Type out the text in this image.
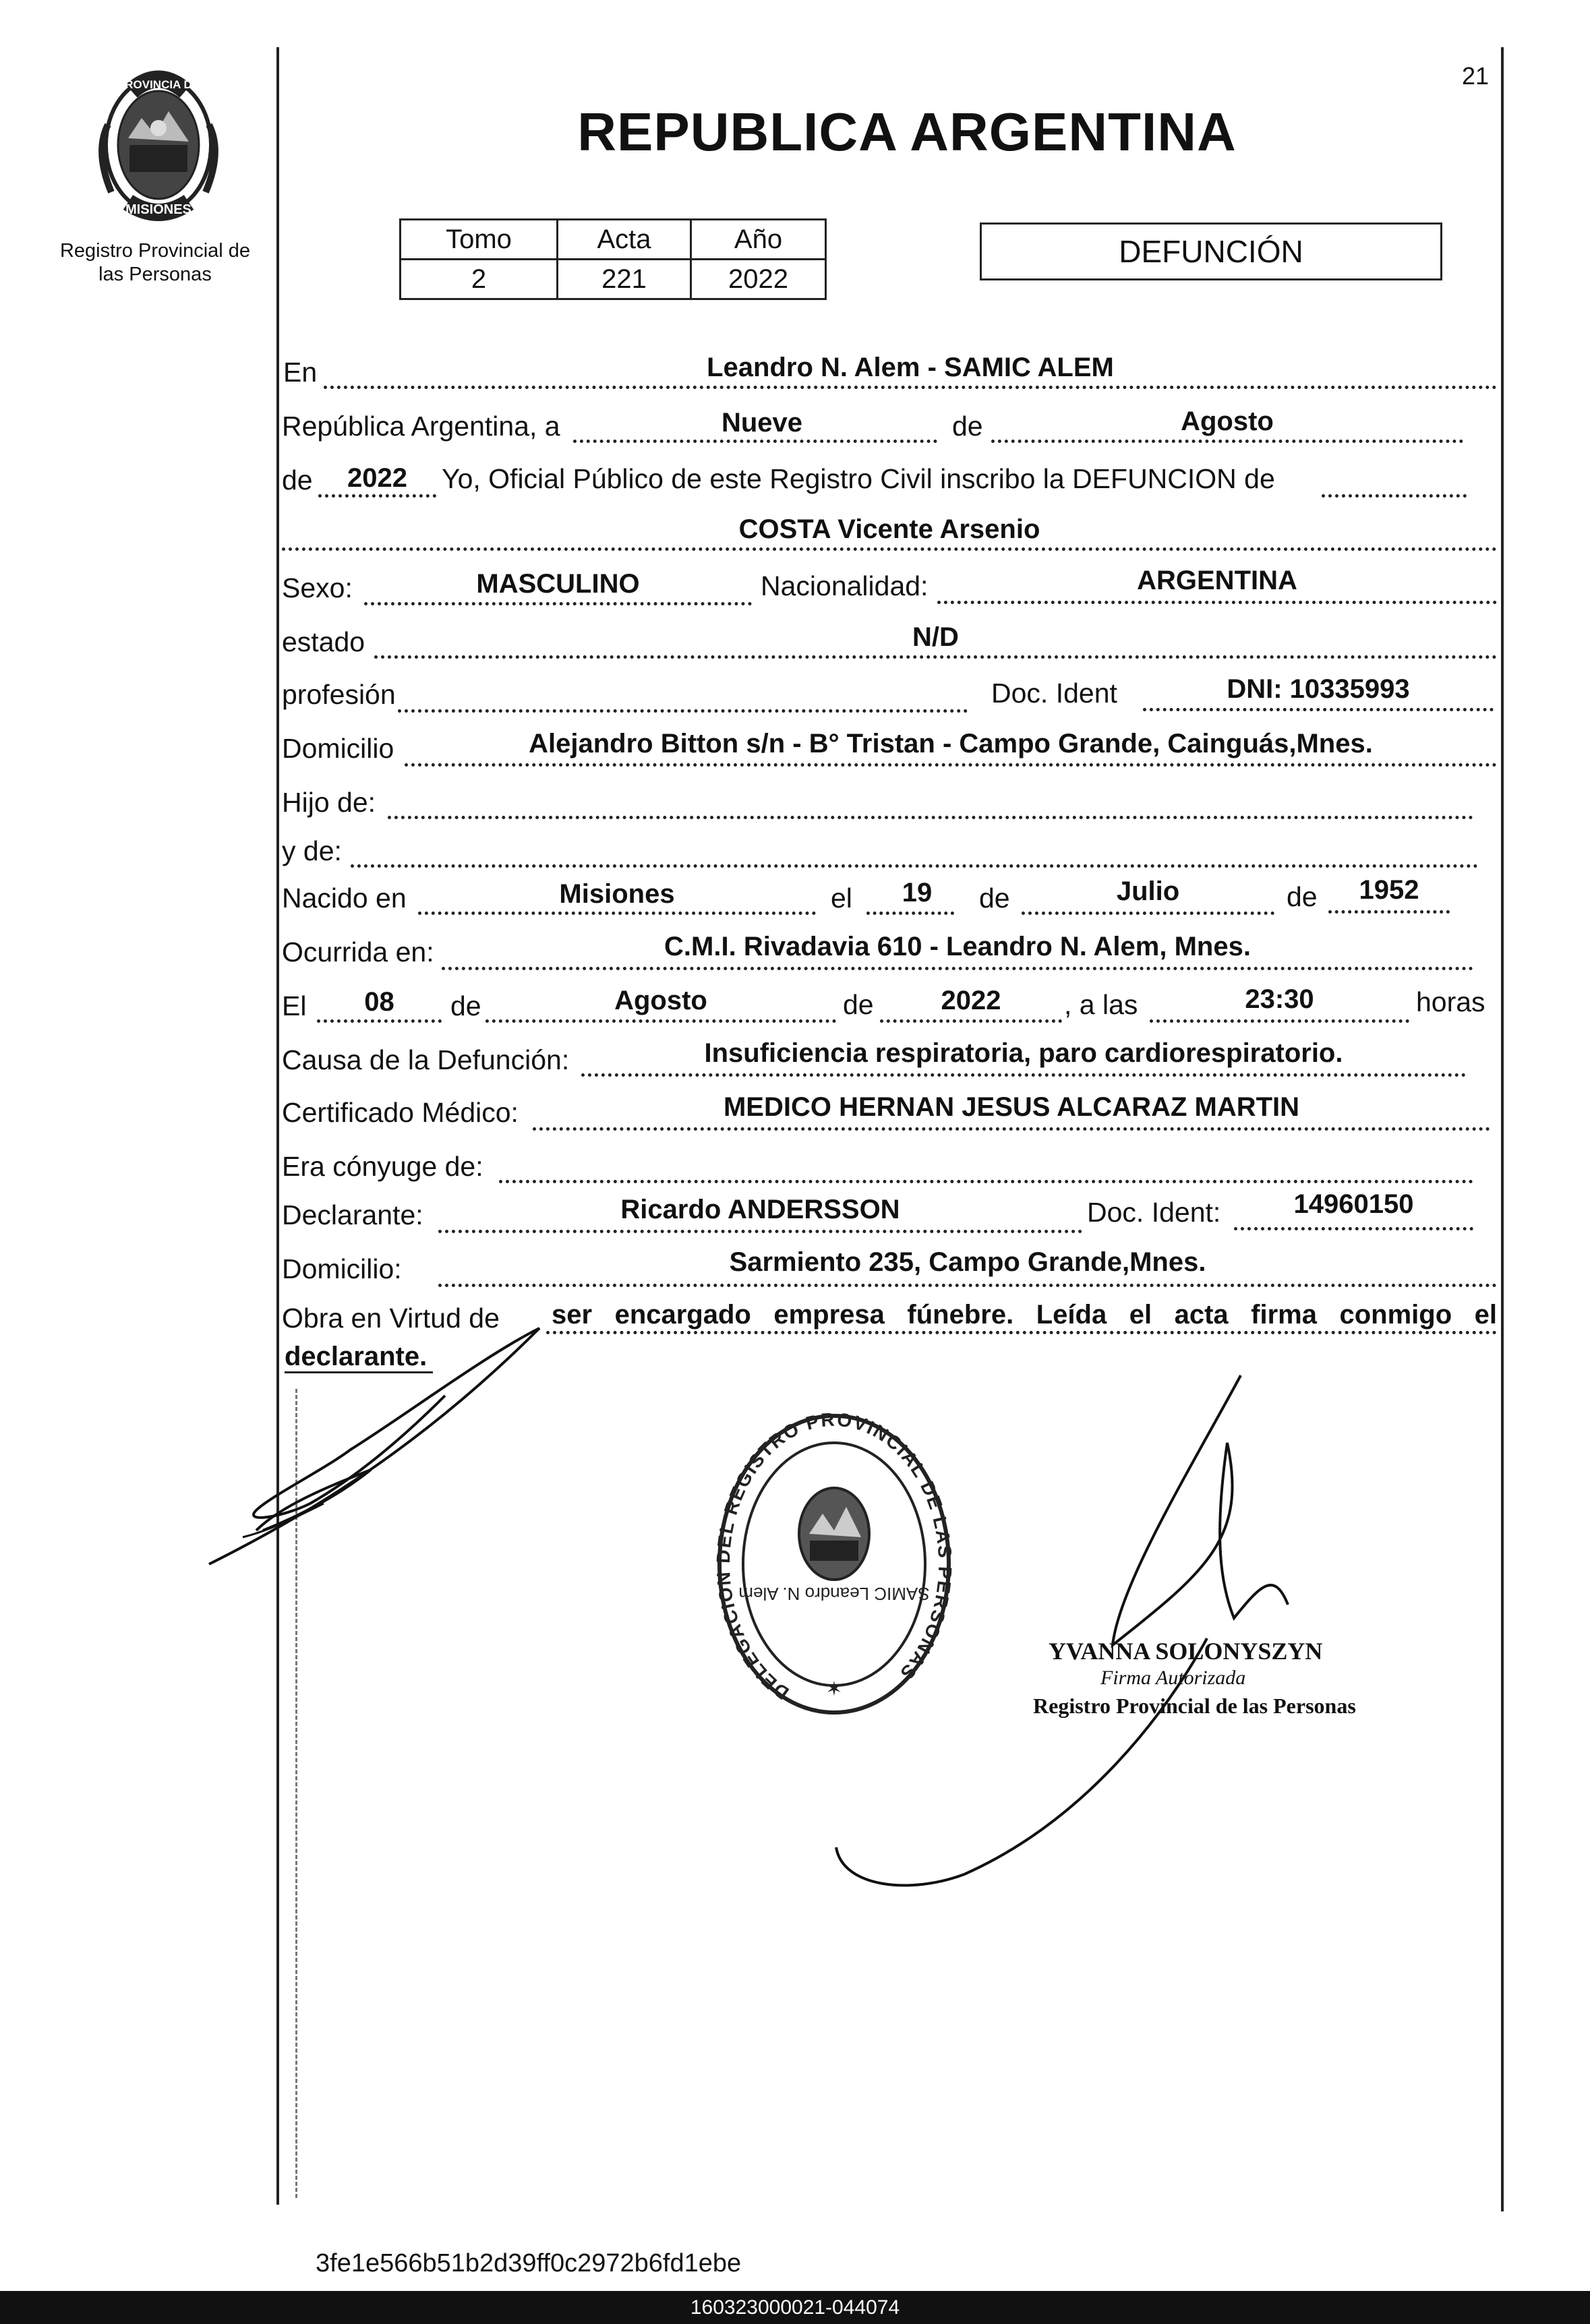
PROVINCIA DE
MISIONES
Registro Provincial de
las Personas
21
REPUBLICA ARGENTINA
Tomo	Acta	Año
2	221	2022
DEFUNCIÓN
En	Leandro N. Alem - SAMIC ALEM
República Argentina, a	Nueve	de	Agosto
de	2022	Yo, Oficial Público de este Registro Civil inscribo la DEFUNCION de
COSTA Vicente Arsenio
Sexo:	MASCULINO	Nacionalidad:	ARGENTINA
estado	N/D
profesión	Doc. Ident	DNI: 10335993
Domicilio	Alejandro Bitton s/n - B° Tristan - Campo Grande, Cainguás,Mnes.
Hijo de:
y de:
Nacido en	Misiones	el	19	de	Julio	de	1952
Ocurrida en:	C.M.I. Rivadavia 610 - Leandro N. Alem, Mnes.
El	08	de	Agosto	de	2022	, a las	23:30	horas
Causa de la Defunción:	Insuficiencia respiratoria, paro cardiorespiratorio.
Certificado Médico:	MEDICO HERNAN JESUS ALCARAZ MARTIN
Era cónyuge de:
Declarante:	Ricardo ANDERSSON	Doc. Ident:	14960150
Domicilio:	Sarmiento 235, Campo Grande,Mnes.
Obra en Virtud de ser encargado empresa fúnebre. Leída el acta firma conmigo el
declarante.
DELEGACION DEL REGISTRO PROVINCIAL DE LAS PERSONAS
SAMIC Leandro N. Alem
✶
YVANNA SOLONYSZYN
Firma Autorizada
Registro Provincial de las Personas
3fe1e566b51b2d39ff0c2972b6fd1ebe
160323000021-044074
